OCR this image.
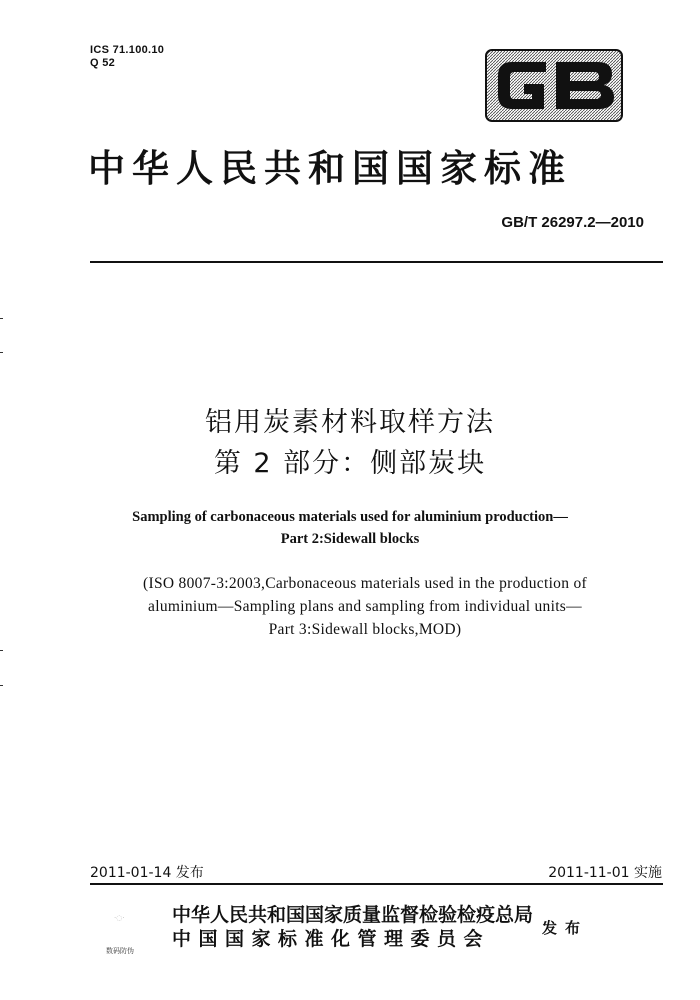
ICS 71.100.10
Q 52
中华人民共和国国家标准
GB/T 26297.2—2010
铝用炭素材料取样方法
第 2 部分：侧部炭块
Sampling of carbonaceous materials used for aluminium production—
Part 2:Sidewall blocks
(ISO 8007-3:2003,Carbonaceous materials used in the production of
aluminium—Sampling plans and sampling from individual units—
Part 3:Sidewall blocks,MOD)
2011-01-14 发布	2011-11-01 实施
·◌· 中华人民共和国国家质量监督检验检疫总局
中国国家标准化管理委员会	发布
数码防伪
